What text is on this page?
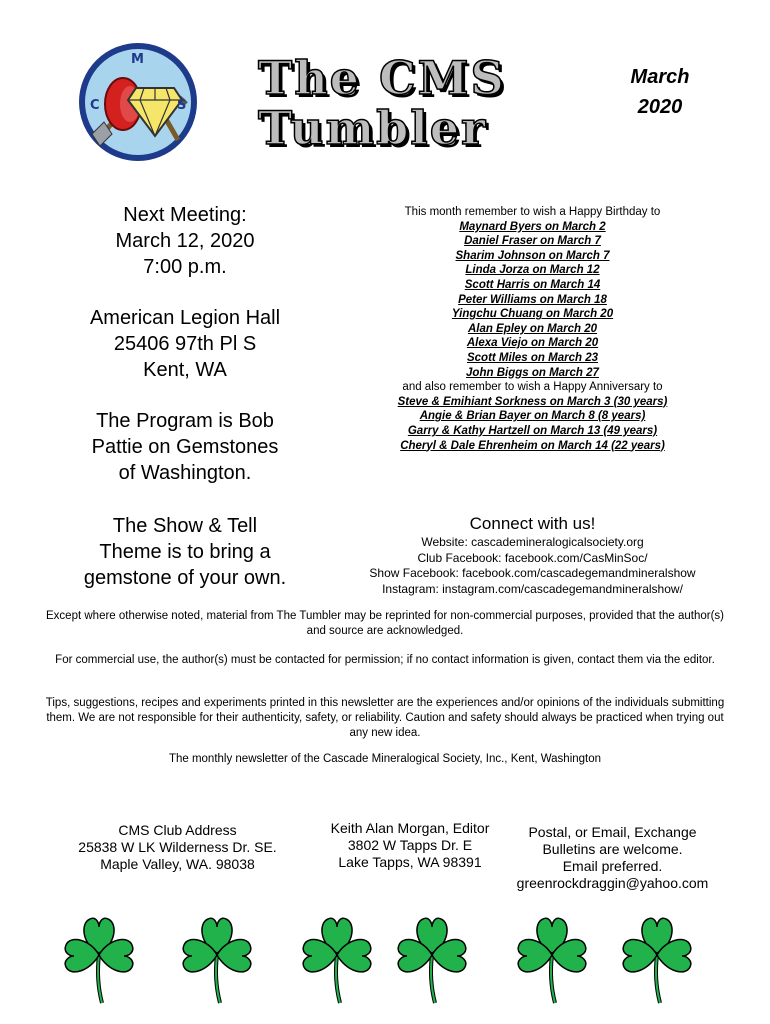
C
M
S
The CMS
Tumbler
March
2020
Next Meeting:
March 12, 2020
7:00 p.m.
American Legion Hall
25406 97th Pl S
Kent, WA
The Program is Bob
Pattie on Gemstones
of Washington.
The Show & Tell
Theme is to bring a
gemstone of your own.
This month remember to wish a Happy Birthday to
Maynard Byers on March 2
Daniel Fraser on March 7
Sharim Johnson on March 7
Linda Jorza on March 12
Scott Harris on March 14
Peter Williams on March 18
Yingchu Chuang on March 20
Alan Epley on March 20
Alexa Viejo on March 20
Scott Miles on March 23
John Biggs on March 27
and also remember to wish a Happy Anniversary to
Steve & Emihiant Sorkness on March 3 (30 years)
Angie & Brian Bayer on March 8 (8 years)
Garry & Kathy Hartzell on March 13 (49 years)
Cheryl & Dale Ehrenheim on March 14 (22 years)
Connect with us!
Website: cascademineralogicalsociety.org
Club Facebook: facebook.com/CasMinSoc/
Show Facebook: facebook.com/cascadegemandmineralshow
Instagram: instagram.com/cascadegemandmineralshow/
Except where otherwise noted, material from The Tumbler may be reprinted for non-commercial purposes, provided that the author(s) and source are acknowledged.
For commercial use, the author(s) must be contacted for permission; if no contact information is given, contact them via the editor.
Tips, suggestions, recipes and experiments printed in this newsletter are the experiences and/or opinions of the individuals submitting them. We are not responsible for their authenticity, safety, or reliability. Caution and safety should always be practiced when trying out any new idea.
The monthly newsletter of the Cascade Mineralogical Society, Inc., Kent, Washington
CMS Club Address
25838 W LK Wilderness Dr. SE.
Maple Valley, WA. 98038
Keith Alan Morgan, Editor
3802 W Tapps Dr. E
Lake Tapps, WA 98391
Postal, or Email, Exchange
Bulletins are welcome.
Email preferred.
greenrockdraggin@yahoo.com
